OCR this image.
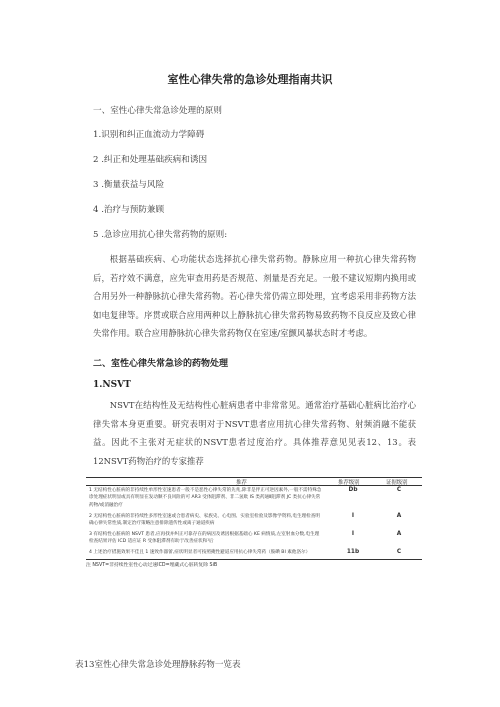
室性心律失常的急诊处理指南共识
一、室性心律失常急诊处理的原则
1.识别和纠正血流动力学障碍
2 .纠正和处理基础疾病和诱因
3 .衡量获益与风险
4 .治疗与预防兼顾
5 .急诊应用抗心律失常药物的原则:

根据基础疾病、心功能状态选择抗心律失常药物。静脉应用一种抗心律失常药物后，若疗效不满意，应先审查用药是否规范、剂量是否充足。一般不建议短期内换用或合用另外一种静脉抗心律失常药物。若心律失常仍需立即处理，宜考虑采用非药物方法如电复律等。序贯或联合应用两种以上静脉抗心律失常药物易致药物不良反应及致心律失常作用。联合应用静脉抗心律失常药物仅在室速/室颤风暴状态时才考虑。

二、室性心律失常急诊的药物处理
1.NSVT

NSVT在结构性及无结构性心脏病患者中非常常见。通常治疗基础心脏病比治疗心律失常本身更重要。研究表明对于NSVT患者应用抗心律失常药物、射频消融不能获益。因此不主张对无症状的NSVT患者过度治疗。具体推荐意见见表12、13。表12NSVT药物治疗的专家推荐

推荐	推荐级别	证据级别
1 无结构性心脏病的非持续性单形性室速患者一般不是恶性心律失常的先兆,除非是伴正可逆因素外,一般不需特殊急诊处理症状明显或具有明显在发动顺不良风险的可 AR3 受体阻滞剂、非二氢吡 IS 类药通Ⅱ阻滞剂 JC 类抗心律失常药物/或消融治疗
Db	C
2 无结构性心脏病的非持续性多形性室速或合患者病史、家族史、心电图、实验室检验及影像学资料,电生理检查明确心律失常性质,制定治疗策略注意排除遗传性或离子通道疾病
I	A
3 有结构性心脏病的 NSVT 患者,应再找并纠正可靠存在的病因及诱因根据基础心 KE 病情质,左室射血分数,电生理检查结果评估 ICD 适应证 R 受体阻滞剂有助于改善症状和¹后
I	A
4 上述治疗措施效果不佳且 1 速致作器蕾,症状明显者可按照掩性避道应用抗心律失常药（胺碘 BI 素他洛尔）	11b	C
注 NSVT=非持续性室性心动过速ICD=埋藏式心脏转复除 SiB
表13室性心律失常急诊处理静脉药物一览表
